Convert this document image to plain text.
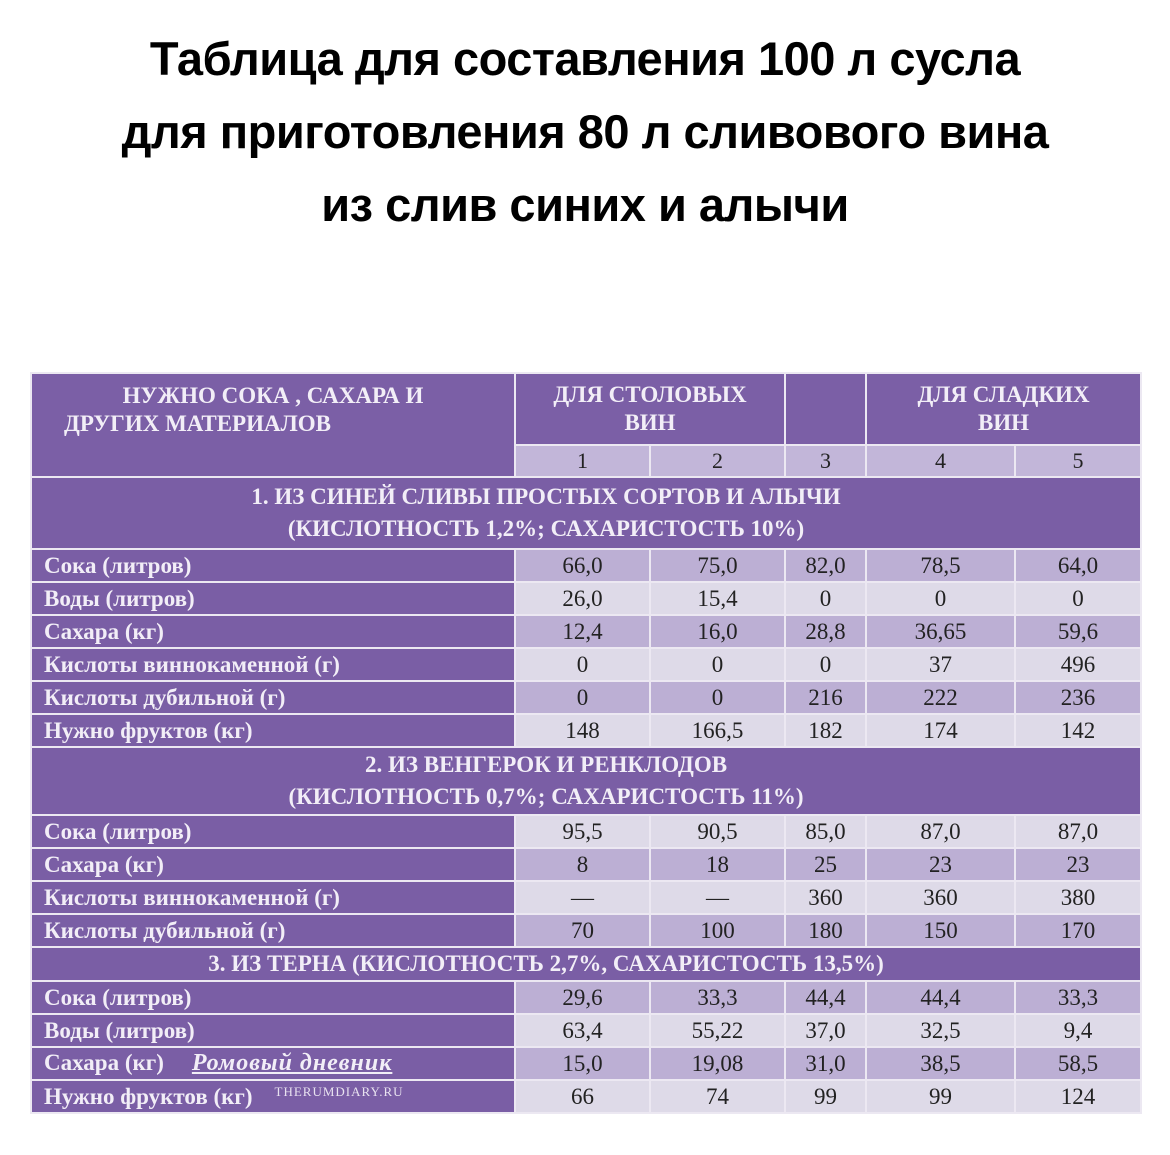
Таблица для составления 100 л сусла
для приготовления 80 л сливового вина
из слив синих и алычи
НУЖНО СОКА , САХАРА И
ДРУГИХ МАТЕРИАЛОВ

ДЛЯ СТОЛОВЫХ
ВИН

ДЛЯ СЛАДКИХ
ВИН

	1	2	3	4	5

1. ИЗ СИНЕЙ СЛИВЫ ПРОСТЫХ СОРТОВ И АЛЫЧИ
(КИСЛОТНОСТЬ 1,2%; САХАРИСТОСТЬ 10%)					

Сока (литров)	66,0	75,0	82,0	78,5	64,0
Воды (литров)	26,0	15,4	0	0	0
Сахара (кг)	12,4	16,0	28,8	36,65	59,6
Кислоты виннокаменной (г)	0	0	0	37	496
Кислоты дубильной (г)	0	0	216	222	236
Нужно фруктов (кг)	148	166,5	182	174	142

2. ИЗ ВЕНГЕРОК И РЕНКЛОДОВ
(КИСЛОТНОСТЬ 0,7%; САХАРИСТОСТЬ 11%)					

Сока (литров)	95,5	90,5	85,0	87,0	87,0
Сахара (кг)	8	18	25	23	23
Кислоты виннокаменной (г)	—	—	360	360	380
Кислоты дубильной (г)	70	100	180	150	170

3. ИЗ ТЕРНА (КИСЛОТНОСТЬ 2,7%, САХАРИСТОСТЬ 13,5%)					

Сока (литров)	29,6	33,3	44,4	44,4	33,3
Воды (литров)	63,4	55,22	37,0	32,5	9,4
Сахара (кг) Ромовый дневник	15,0	19,08	31,0	38,5	58,5
Нужно фруктов (кг) $^{THERUMDIARY.RU}$	66	74	99	99	124
